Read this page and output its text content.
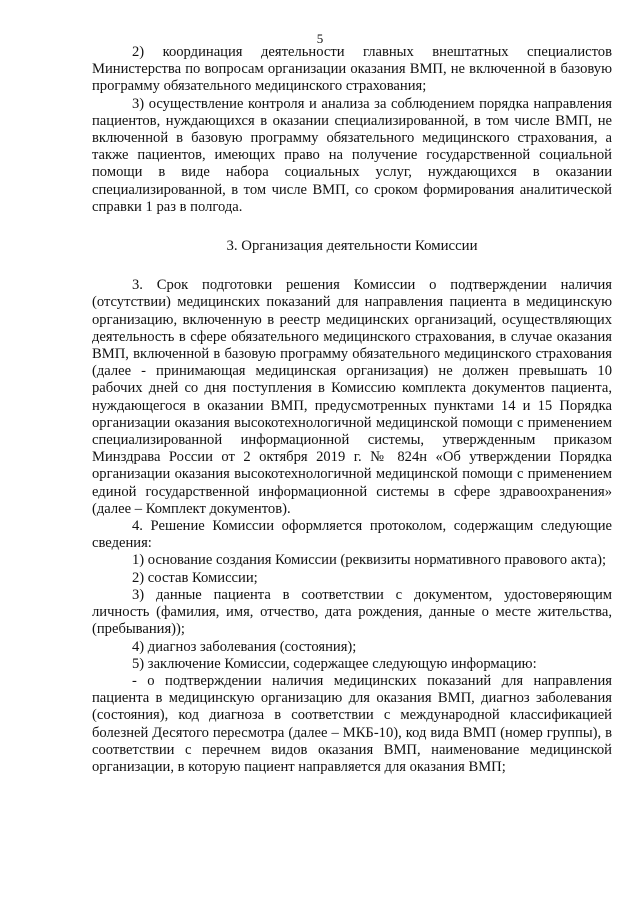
5

2) координация деятельности главных внештатных специалистов Министерства по вопросам организации оказания ВМП, не включенной в базовую программу обязательного медицинского страхования;

3) осуществление контроля и анализа за соблюдением порядка направления пациентов, нуждающихся в оказании специализированной, в том числе ВМП, не включенной в базовую программу обязательного медицинского страхования, а также пациентов, имеющих право на получение государственной социальной помощи в виде набора социальных услуг, нуждающихся в оказании специализированной, в том числе ВМП, со сроком формирования аналитической справки 1 раз в полгода.

3. Организация деятельности Комиссии

3. Срок подготовки решения Комиссии о подтверждении наличия (отсутствии) медицинских показаний для направления пациента в медицинскую организацию, включенную в реестр медицинских организаций, осуществляющих деятельность в сфере обязательного медицинского страхования, в случае оказания ВМП, включенной в базовую программу обязательного медицинского страхования (далее - принимающая медицинская организация) не должен превышать 10 рабочих дней со дня поступления в Комиссию комплекта документов пациента, нуждающегося в оказании ВМП, предусмотренных пунктами 14 и 15 Порядка организации оказания высокотехнологичной медицинской помощи с применением специализированной информационной системы, утвержденным приказом Минздрава России от 2 октября 2019 г. № 824н «Об утверждении Порядка организации оказания высокотехнологичной медицинской помощи с применением единой государственной информационной системы в сфере здравоохранения» (далее – Комплект документов).

4. Решение Комиссии оформляется протоколом, содержащим следующие сведения:

1) основание создания Комиссии (реквизиты нормативного правового акта);

2) состав Комиссии;

3) данные пациента в соответствии с документом, удостоверяющим личность (фамилия, имя, отчество, дата рождения, данные о месте жительства, (пребывания));

4) диагноз заболевания (состояния);

5) заключение Комиссии, содержащее следующую информацию:

- о подтверждении наличия медицинских показаний для направления пациента в медицинскую организацию для оказания ВМП, диагноз заболевания (состояния), код диагноза в соответствии с международной классификацией болезней Десятого пересмотра (далее – МКБ-10), код вида ВМП (номер группы), в соответствии с перечнем видов оказания ВМП, наименование медицинской организации, в которую пациент направляется для оказания ВМП;
